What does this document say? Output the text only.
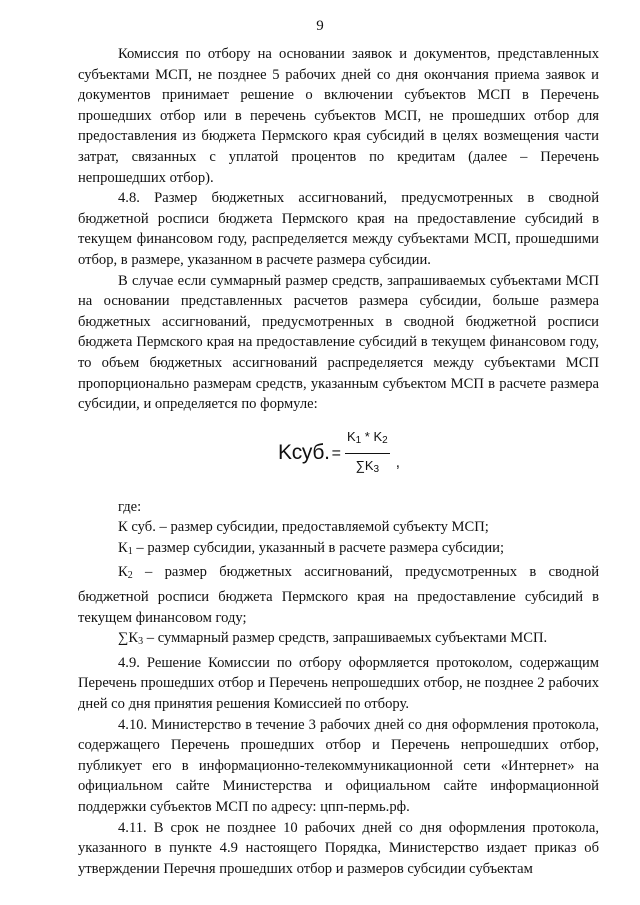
9

Комиссия по отбору на основании заявок и документов, представленных субъектами МСП, не позднее 5 рабочих дней со дня окончания приема заявок и документов принимает решение о включении субъектов МСП в Перечень прошедших отбор или в перечень субъектов МСП, не прошедших отбор для предоставления из бюджета Пермского края субсидий в целях возмещения части затрат, связанных с уплатой процентов по кредитам (далее – Перечень непрошедших отбор).

4.8. Размер бюджетных ассигнований, предусмотренных в сводной бюджетной росписи бюджета Пермского края на предоставление субсидий в текущем финансовом году, распределяется между субъектами МСП, прошедшими отбор, в размере, указанном в расчете размера субсидии.

В случае если суммарный размер средств, запрашиваемых субъектами МСП на основании представленных расчетов размера субсидии, больше размера бюджетных ассигнований, предусмотренных в сводной бюджетной росписи бюджета Пермского края на предоставление субсидий в текущем финансовом году, то объем бюджетных ассигнований распределяется между субъектами МСП пропорционально размерам средств, указанным субъектом МСП в расчете размера субсидии, и определяется по формуле:

Kсуб. = $\frac{K_1 * K_2}{\sum K_3}$ ,

где:

К суб. – размер субсидии, предоставляемой субъекту МСП;

$К_1$ – размер субсидии, указанный в расчете размера субсидии;

$К_2$ – размер бюджетных ассигнований, предусмотренных в сводной бюджетной росписи бюджета Пермского края на предоставление субсидий в текущем финансовом году;

$\sum К_3$ – суммарный размер средств, запрашиваемых субъектами МСП.

4.9. Решение Комиссии по отбору оформляется протоколом, содержащим Перечень прошедших отбор и Перечень непрошедших отбор, не позднее 2 рабочих дней со дня принятия решения Комиссией по отбору.

4.10. Министерство в течение 3 рабочих дней со дня оформления протокола, содержащего Перечень прошедших отбор и Перечень непрошедших отбор, публикует его в информационно-телекоммуникационной сети «Интернет» на официальном сайте Министерства и официальном сайте информационной поддержки субъектов МСП по адресу: цпп-пермь.рф.

4.11. В срок не позднее 10 рабочих дней со дня оформления протокола, указанного в пункте 4.9 настоящего Порядка, Министерство издает приказ об утверждении Перечня прошедших отбор и размеров субсидии субъектам
